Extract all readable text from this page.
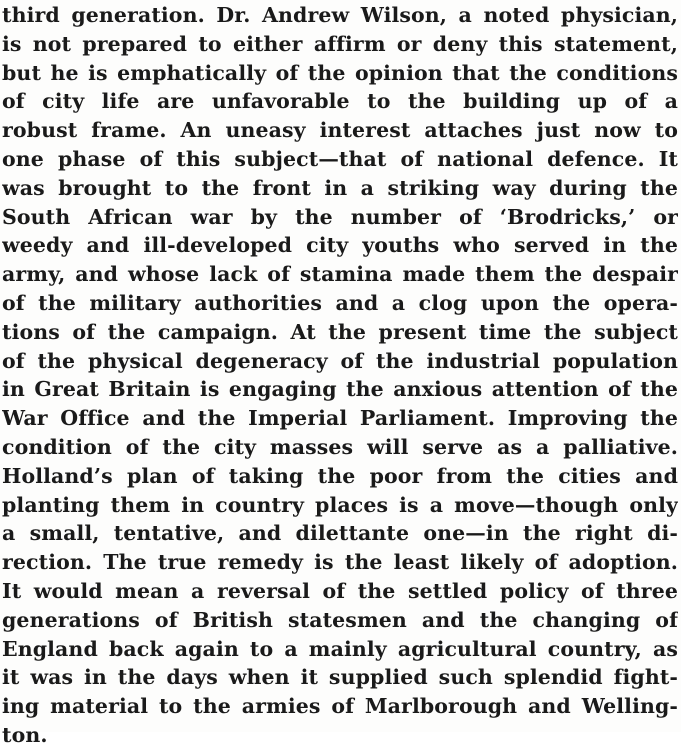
third generation. Dr. Andrew Wilson, a noted physician,
is not prepared to either affirm or deny this statement,
but he is emphatically of the opinion that the conditions
of city life are unfavorable to the building up of a
robust frame. An uneasy interest attaches just now to
one phase of this subject—that of national defence. It
was brought to the front in a striking way during the
South African war by the number of ‘Brodricks,’ or
weedy and ill-developed city youths who served in the
army, and whose lack of stamina made them the despair
of the military authorities and a clog upon the opera-
tions of the campaign. At the present time the subject
of the physical degeneracy of the industrial population
in Great Britain is engaging the anxious attention of the
War Office and the Imperial Parliament. Improving the
condition of the city masses will serve as a palliative.
Holland’s plan of taking the poor from the cities and
planting them in country places is a move—though only
a small, tentative, and dilettante one—in the right di-
rection. The true remedy is the least likely of adoption.
It would mean a reversal of the settled policy of three
generations of British statesmen and the changing of
England back again to a mainly agricultural country, as
it was in the days when it supplied such splendid fight-
ing material to the armies of Marlborough and Welling-
ton.
